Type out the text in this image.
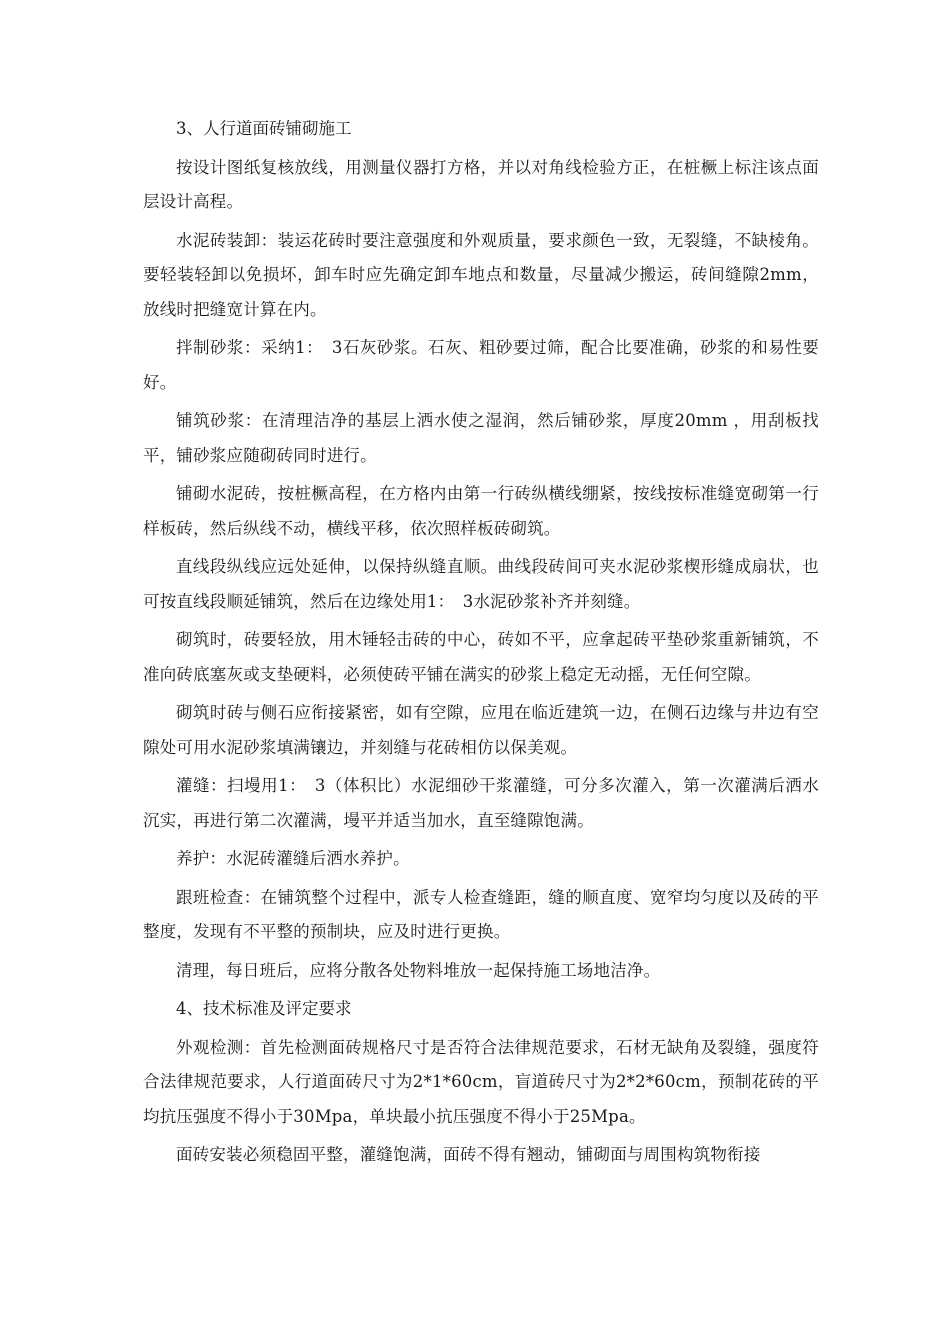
3、人行道面砖铺砌施工

按设计图纸复核放线，用测量仪器打方格，并以对角线检验方正，在桩橛上标注该点面层设计高程。

水泥砖装卸：装运花砖时要注意强度和外观质量，要求颜色一致，无裂缝，不缺棱角。要轻装轻卸以免损坏，卸车时应先确定卸车地点和数量，尽量减少搬运，砖间缝隙2mm，放线时把缝宽计算在内。

拌制砂浆：采纳1：　3石灰砂浆。石灰、粗砂要过筛，配合比要准确，砂浆的和易性要好。

铺筑砂浆：在清理洁净的基层上洒水使之湿润，然后铺砂浆，厚度20mm ，用刮板找平，铺砂浆应随砌砖同时进行。

铺砌水泥砖，按桩橛高程，在方格内由第一行砖纵横线绷紧，按线按标准缝宽砌第一行样板砖，然后纵线不动，横线平移，依次照样板砖砌筑。

直线段纵线应远处延伸，以保持纵缝直顺。曲线段砖间可夹水泥砂浆楔形缝成扇状，也可按直线段顺延铺筑，然后在边缘处用1：　3水泥砂浆补齐并刻缝。

砌筑时，砖要轻放，用木锤轻击砖的中心，砖如不平，应拿起砖平垫砂浆重新铺筑，不准向砖底塞灰或支垫硬料，必须使砖平铺在满实的砂浆上稳定无动摇，无任何空隙。

砌筑时砖与侧石应衔接紧密，如有空隙，应甩在临近建筑一边，在侧石边缘与井边有空隙处可用水泥砂浆填满镶边，并刻缝与花砖相仿以保美观。

灌缝：扫墁用1：　3（体积比）水泥细砂干浆灌缝，可分多次灌入，第一次灌满后洒水沉实，再进行第二次灌满，墁平并适当加水，直至缝隙饱满。

养护：水泥砖灌缝后洒水养护。

跟班检查：在铺筑整个过程中，派专人检查缝距，缝的顺直度、宽窄均匀度以及砖的平整度，发现有不平整的预制块，应及时进行更换。

清理，每日班后，应将分散各处物料堆放一起保持施工场地洁净。

4、技术标准及评定要求

外观检测：首先检测面砖规格尺寸是否符合法律规范要求，石材无缺角及裂缝，强度符合法律规范要求，人行道面砖尺寸为2*1*60cm，盲道砖尺寸为2*2*60cm，预制花砖的平均抗压强度不得小于30Mpa，单块最小抗压强度不得小于25Mpa。

面砖安装必须稳固平整，灌缝饱满，面砖不得有翘动，铺砌面与周围构筑物衔接
